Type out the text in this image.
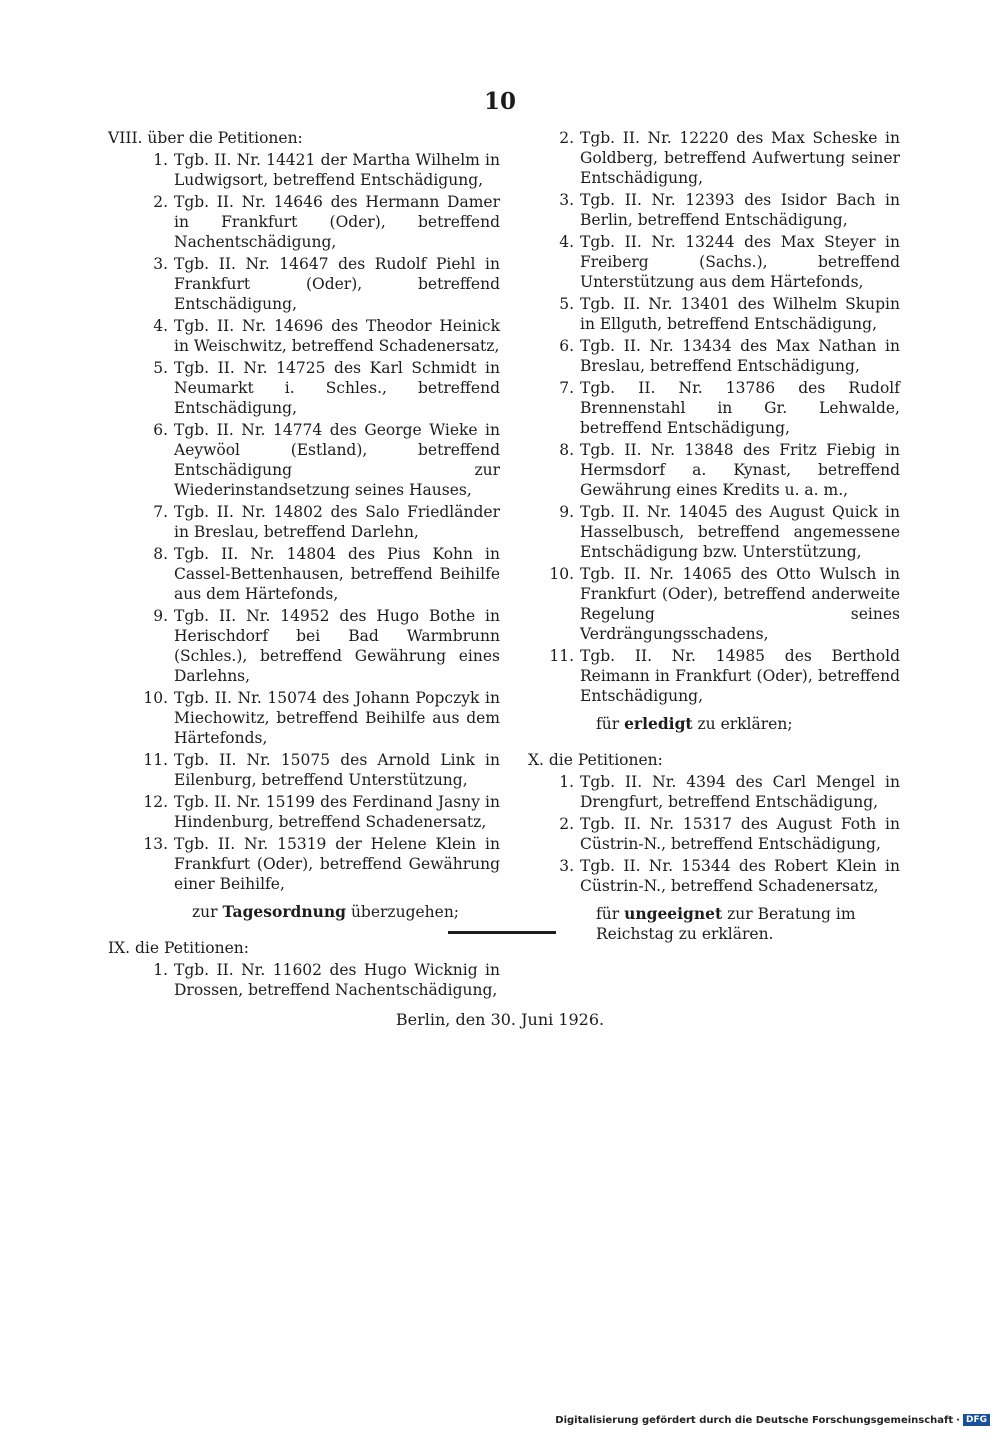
10
VIII. über die Petitionen:
1. Tgb. II. Nr. 14421 der Martha Wilhelm in Ludwigsort, betreffend Entschädigung,
2. Tgb. II. Nr. 14646 des Hermann Damer in Frankfurt (Oder), betreffend Nachentschädigung,
3. Tgb. II. Nr. 14647 des Rudolf Piehl in Frankfurt (Oder), betreffend Entschädigung,
4. Tgb. II. Nr. 14696 des Theodor Heinick in Weischwitz, betreffend Schadenersatz,
5. Tgb. II. Nr. 14725 des Karl Schmidt in Neumarkt i. Schles., betreffend Entschädigung,
6. Tgb. II. Nr. 14774 des George Wieke in Aeywöol (Estland), betreffend Entschädigung zur Wiederinstandsetzung seines Hauses,
7. Tgb. II. Nr. 14802 des Salo Friedländer in Breslau, betreffend Darlehn,
8. Tgb. II. Nr. 14804 des Pius Kohn in Cassel-Bettenhausen, betreffend Beihilfe aus dem Härtefonds,
9. Tgb. II. Nr. 14952 des Hugo Bothe in Herischdorf bei Bad Warmbrunn (Schles.), betreffend Gewährung eines Darlehns,
10. Tgb. II. Nr. 15074 des Johann Popczyk in Miechowitz, betreffend Beihilfe aus dem Härtefonds,
11. Tgb. II. Nr. 15075 des Arnold Link in Eilenburg, betreffend Unterstützung,
12. Tgb. II. Nr. 15199 des Ferdinand Jasny in Hindenburg, betreffend Schadenersatz,
13. Tgb. II. Nr. 15319 der Helene Klein in Frankfurt (Oder), betreffend Gewährung einer Beihilfe,
zur Tagesordnung überzugehen;
IX. die Petitionen:
1. Tgb. II. Nr. 11602 des Hugo Wicknig in Drossen, betreffend Nachentschädigung,
2. Tgb. II. Nr. 12220 des Max Scheske in Goldberg, betreffend Aufwertung seiner Entschädigung,
3. Tgb. II. Nr. 12393 des Isidor Bach in Berlin, betreffend Entschädigung,
4. Tgb. II. Nr. 13244 des Max Steyer in Freiberg (Sachs.), betreffend Unterstützung aus dem Härtefonds,
5. Tgb. II. Nr. 13401 des Wilhelm Skupin in Ellguth, betreffend Entschädigung,
6. Tgb. II. Nr. 13434 des Max Nathan in Breslau, betreffend Entschädigung,
7. Tgb. II. Nr. 13786 des Rudolf Brennenstahl in Gr. Lehwalde, betreffend Entschädigung,
8. Tgb. II. Nr. 13848 des Fritz Fiebig in Hermsdorf a. Kynast, betreffend Gewährung eines Kredits u. a. m.,
9. Tgb. II. Nr. 14045 des August Quick in Hasselbusch, betreffend angemessene Entschädigung bzw. Unterstützung,
10. Tgb. II. Nr. 14065 des Otto Wulsch in Frankfurt (Oder), betreffend anderweite Regelung seines Verdrängungsschadens,
11. Tgb. II. Nr. 14985 des Berthold Reimann in Frankfurt (Oder), betreffend Entschädigung,
für erledigt zu erklären;
X. die Petitionen:
1. Tgb. II. Nr. 4394 des Carl Mengel in Drengfurt, betreffend Entschädigung,
2. Tgb. II. Nr. 15317 des August Foth in Cüstrin-N., betreffend Entschädigung,
3. Tgb. II. Nr. 15344 des Robert Klein in Cüstrin-N., betreffend Schadenersatz,
für ungeeignet zur Beratung im Reichstag zu erklären.
Berlin, den 30. Juni 1926.
Digitalisierung gefördert durch die Deutsche Forschungsgemeinschaft · DFG
